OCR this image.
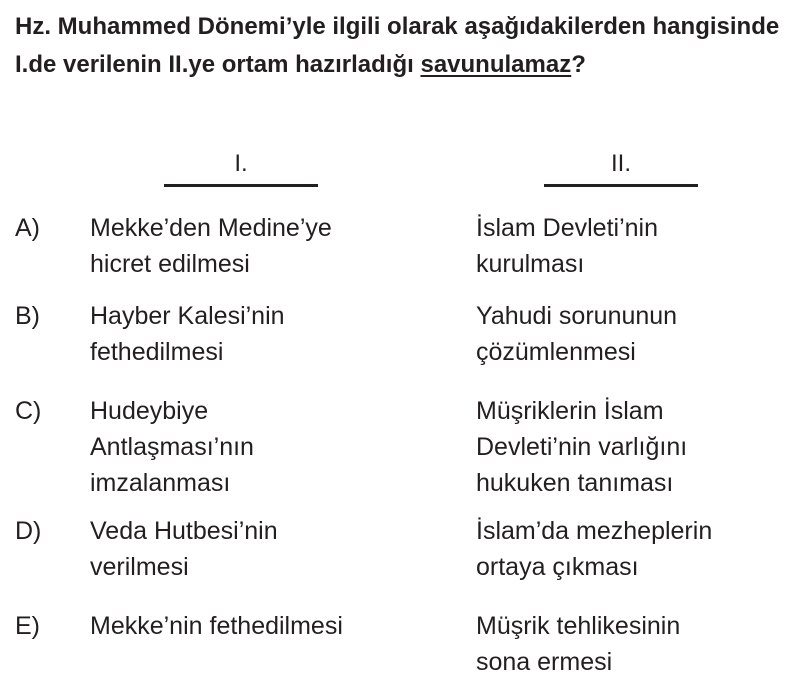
Hz. Muhammed Dönemi’yle ilgili olarak aşağıdakilerden hangisinde I.de verilenin II.ye ortam hazırladığı savunulamaz?

I.	II.
A) Mekke’den Medine’ye
hicret edilmesi
İslam Devleti’nin
kurulması
B) Hayber Kalesi’nin
fethedilmesi
Yahudi sorununun
çözümlenmesi
C) Hudeybiye
Antlaşması’nın
imzalanması
Müşriklerin İslam
Devleti’nin varlığını
hukuken tanıması
D) Veda Hutbesi’nin
verilmesi
İslam’da mezheplerin
ortaya çıkması
E) Mekke’nin fethedilmesi	Müşrik tehlikesinin
sona ermesi
